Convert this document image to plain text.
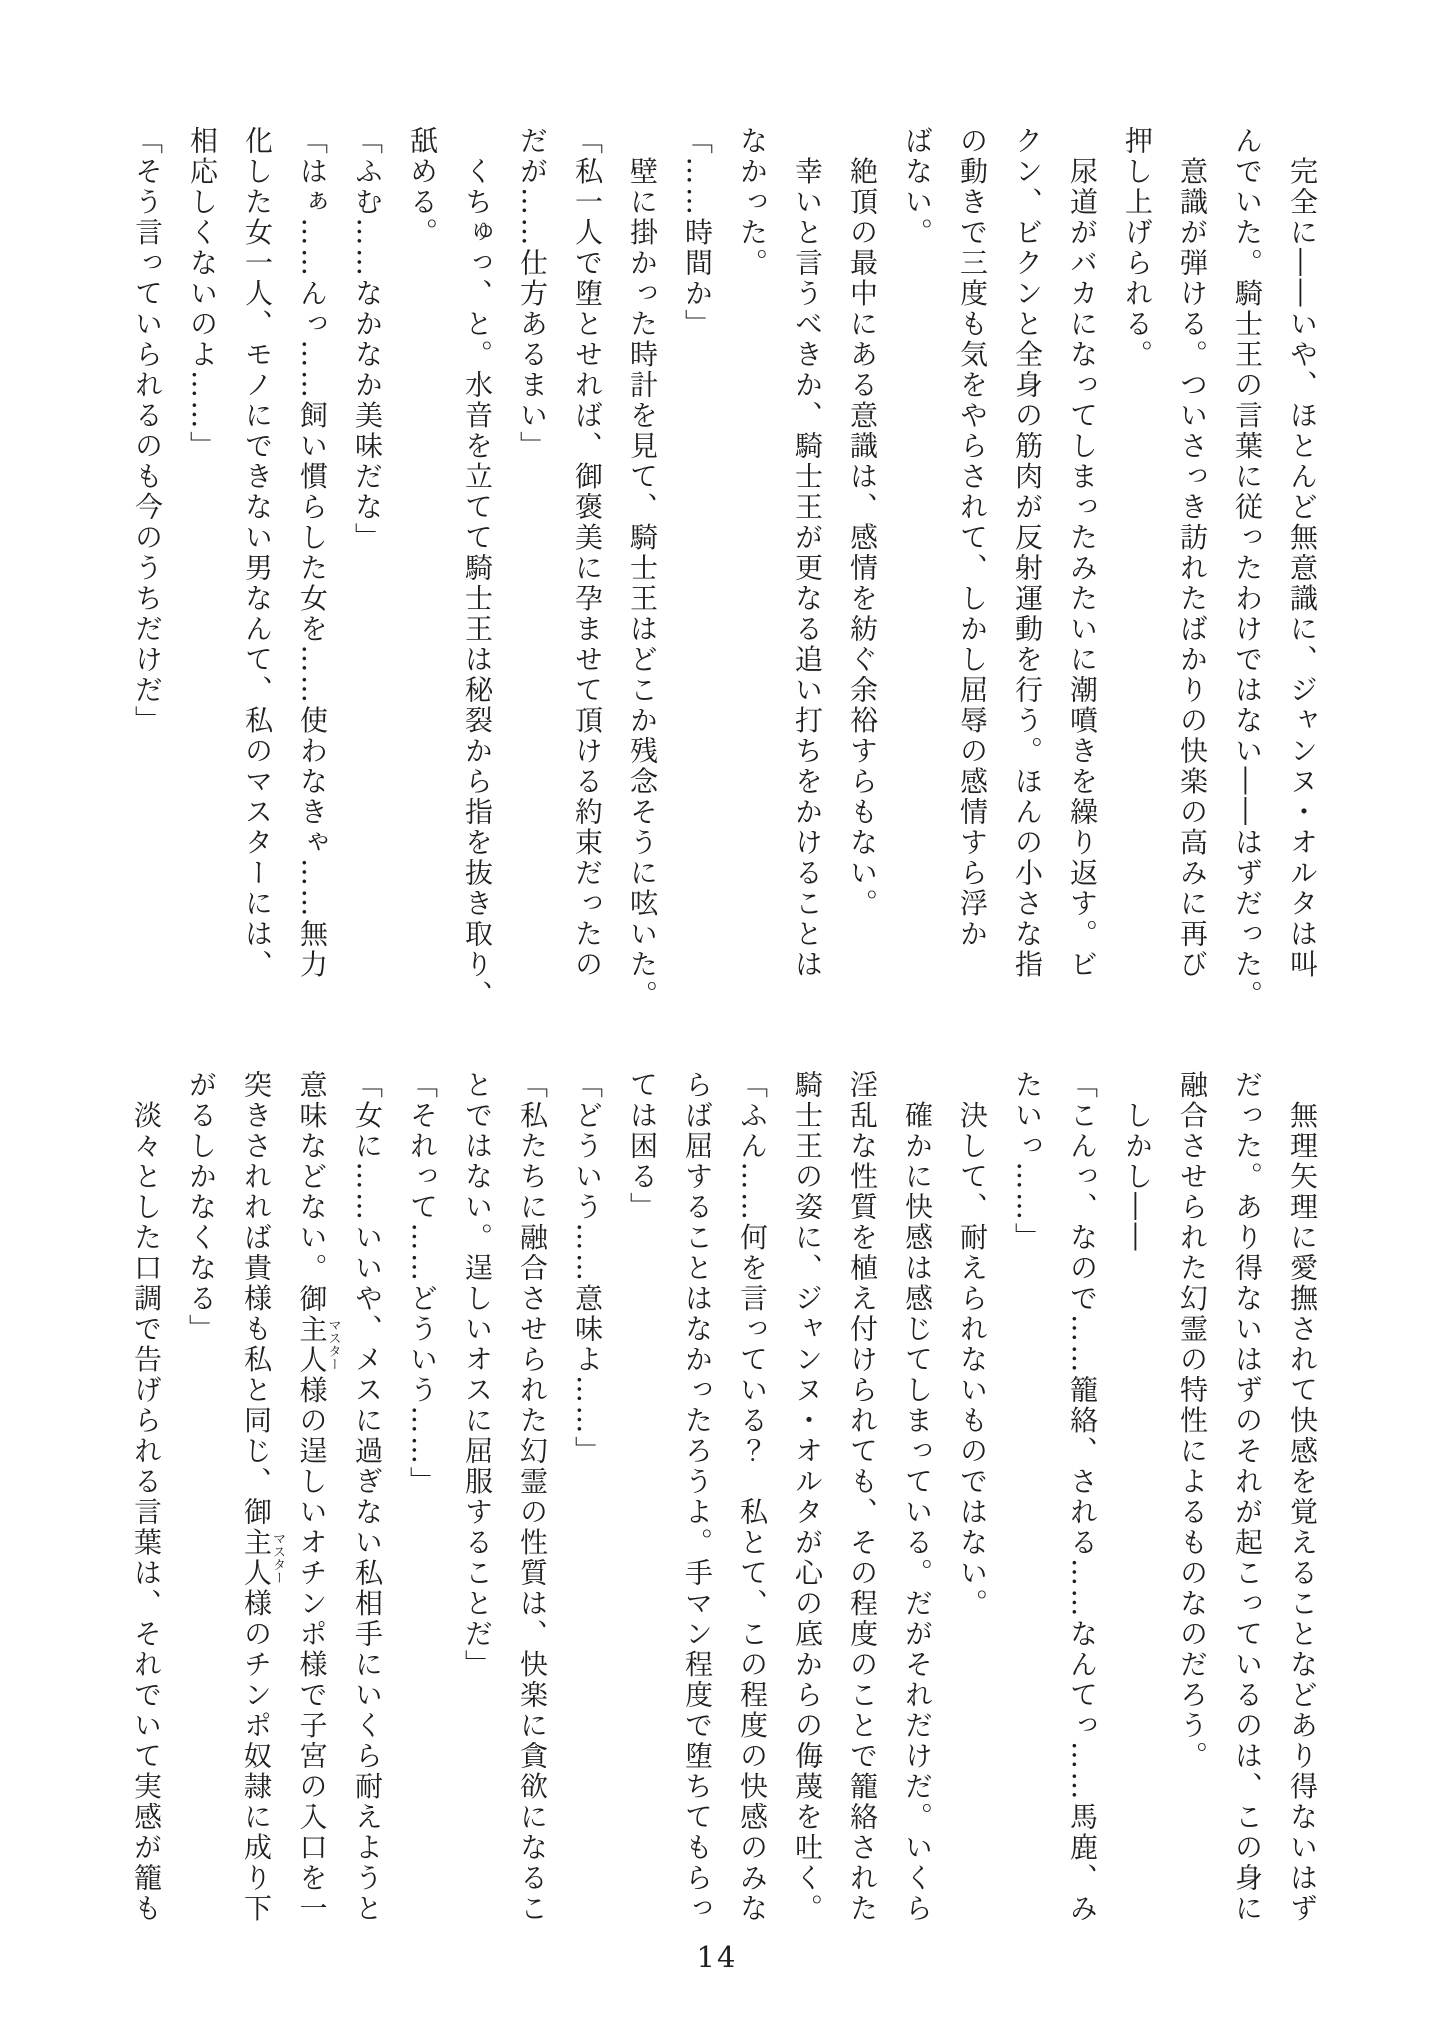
　完全に――いや、ほとんど無意識に、ジャンヌ・オルタは叫

んでいた。騎士王の言葉に従ったわけではない――はずだった。

　意識が弾ける。ついさっき訪れたばかりの快楽の高みに再び

押し上げられる。

　尿道がバカになってしまったみたいに潮噴きを繰り返す。ビ

クン、ビクンと全身の筋肉が反射運動を行う。ほんの小さな指

の動きで三度も気をやらされて、しかし屈辱の感情すら浮か

ばない。

　絶頂の最中にある意識は、感情を紡ぐ余裕すらもない。

　幸いと言うべきか、騎士王が更なる追い打ちをかけることは

なかった。

「……時間か」

　壁に掛かった時計を見て、騎士王はどこか残念そうに呟いた。

「私一人で堕とせれば、御褒美に孕ませて頂ける約束だったの

だが……仕方あるまい」

　くちゅっ、と。水音を立てて騎士王は秘裂から指を抜き取り、

舐める。

「ふむ……なかなか美味だな」

「はぁ……んっ……飼い慣らした女を……使わなきゃ……無力

化した女一人、モノにできない男なんて、私のマスターには、

相応しくないのよ……」

「そう言っていられるのも今のうちだけだ」

　無理矢理に愛撫されて快感を覚えることなどあり得ないはず

だった。あり得ないはずのそれが起こっているのは、この身に

融合させられた幻霊の特性によるものなのだろう。

　しかし――

「こんっ、なので……籠絡、される……なんてっ……馬鹿、み

たいっ……」

　決して、耐えられないものではない。

　確かに快感は感じてしまっている。だがそれだけだ。いくら

淫乱な性質を植え付けられても、その程度のことで籠絡された

騎士王の姿に、ジャンヌ・オルタが心の底からの侮蔑を吐く。

「ふん……何を言っている？　私とて、この程度の快感のみな

らば屈することはなかったろうよ。手マン程度で堕ちてもらっ

ては困る」

「どういう……意味よ……」

「私たちに融合させられた幻霊の性質は、快楽に貪欲になるこ

とではない。逞しいオスに屈服することだ」

「それって……どういう……」

「女に……いいや、メスに過ぎない私相手にいくら耐えようと

意味などない。御主人様マスターの逞しいオチンポ様で子宮の入口を一

突きされれば貴様も私と同じ、御主人様マスターのチンポ奴隷に成り下

がるしかなくなる」

　淡々とした口調で告げられる言葉は、それでいて実感が籠も

14
